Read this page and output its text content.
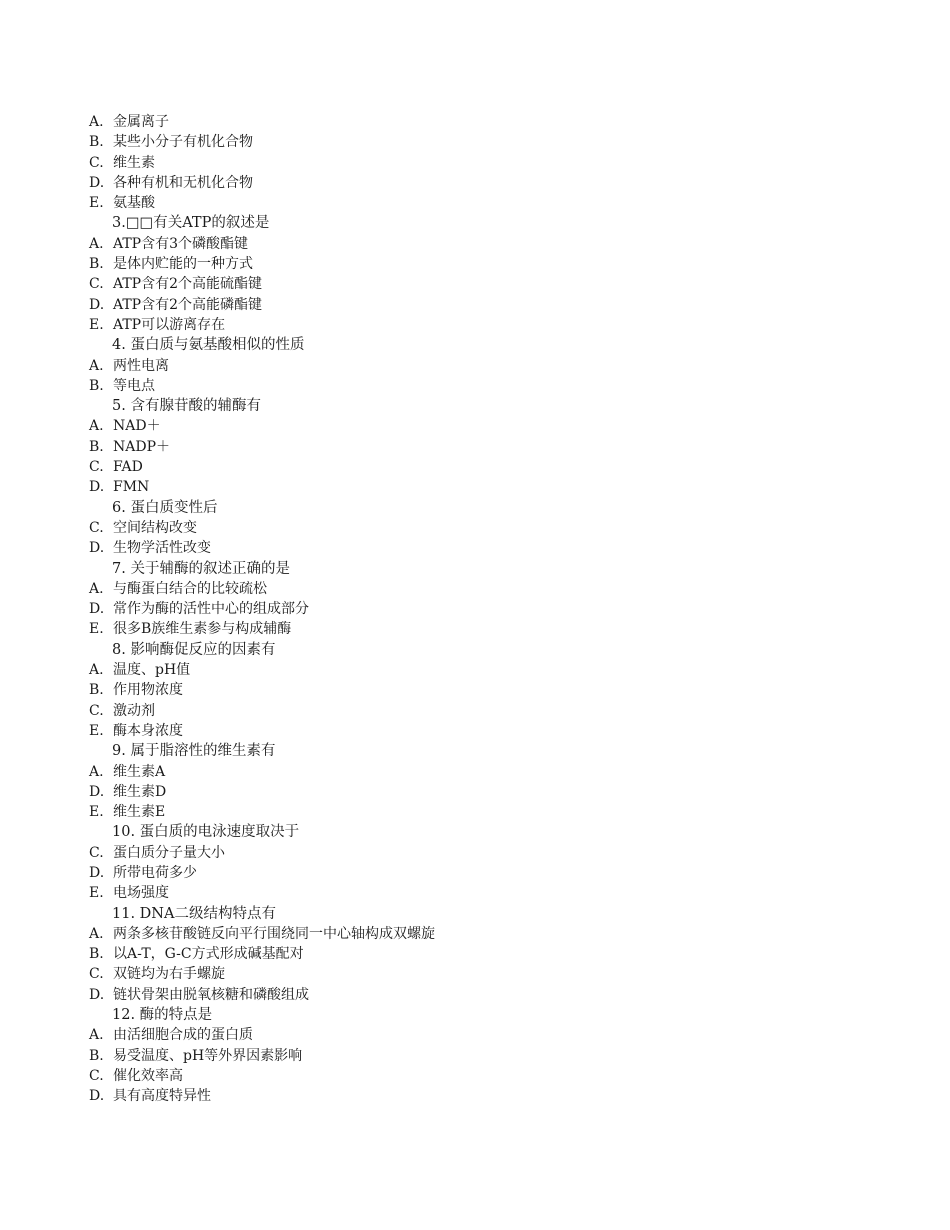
A. 金属离子
B. 某些小分子有机化合物
C. 维生素
D. 各种有机和无机化合物
E. 氨基酸
3.□□有关ATP的叙述是
A. ATP含有3个磷酸酯键
B. 是体内贮能的一种方式
C. ATP含有2个高能硫酯键
D. ATP含有2个高能磷酯键
E. ATP可以游离存在
4. 蛋白质与氨基酸相似的性质
A. 两性电离
B. 等电点
5. 含有腺苷酸的辅酶有
A. NAD＋
B. NADP＋
C. FAD
D. FMN
6. 蛋白质变性后
C. 空间结构改变
D. 生物学活性改变
7. 关于辅酶的叙述正确的是
A. 与酶蛋白结合的比较疏松
D. 常作为酶的活性中心的组成部分
E. 很多B族维生素参与构成辅酶
8. 影响酶促反应的因素有
A. 温度、pH值
B. 作用物浓度
C. 激动剂
E. 酶本身浓度
9. 属于脂溶性的维生素有
A. 维生素A
D. 维生素D
E. 维生素E
10. 蛋白质的电泳速度取决于
C. 蛋白质分子量大小
D. 所带电荷多少
E. 电场强度
11. DNA二级结构特点有
A. 两条多核苷酸链反向平行围绕同一中心轴构成双螺旋
B. 以A-T，G-C方式形成碱基配对
C. 双链均为右手螺旋
D. 链状骨架由脱氧核糖和磷酸组成
12. 酶的特点是
A. 由活细胞合成的蛋白质
B. 易受温度、pH等外界因素影响
C. 催化效率高
D. 具有高度特异性
